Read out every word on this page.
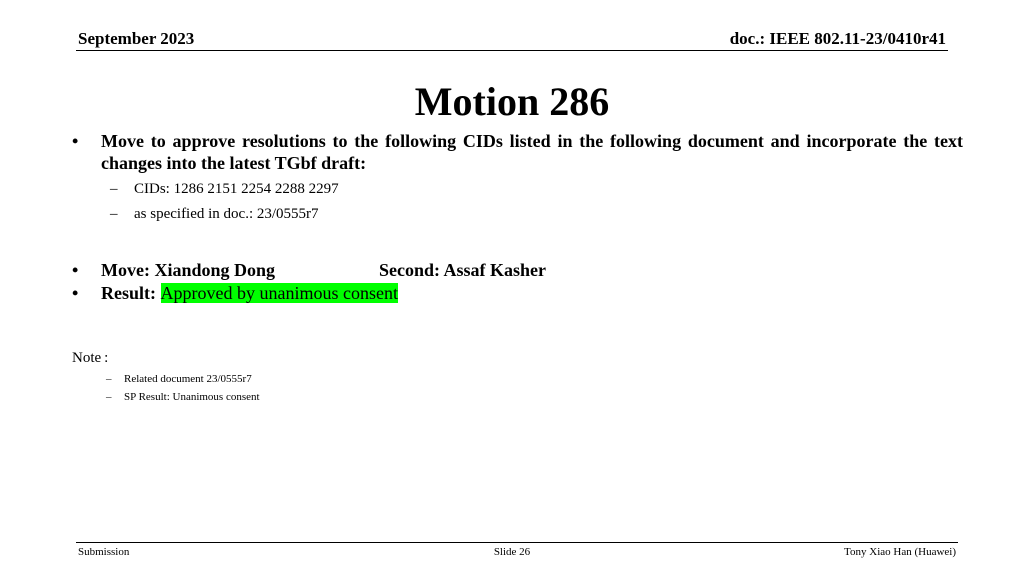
September 2023	doc.: IEEE 802.11-23/0410r41
Motion 286
• Move to approve resolutions to the following CIDs listed in the following document and incorporate the text changes into the latest TGbf draft:
– CIDs: 1286 2151 2254 2288 2297
– as specified in doc.: 23/0555r7
• Move: Xiandong Dong	Second: Assaf Kasher
• Result: Approved by unanimous consent
Note :
– Related document 23/0555r7
– SP Result: Unanimous consent
Submission	Slide 26	Tony Xiao Han (Huawei)
